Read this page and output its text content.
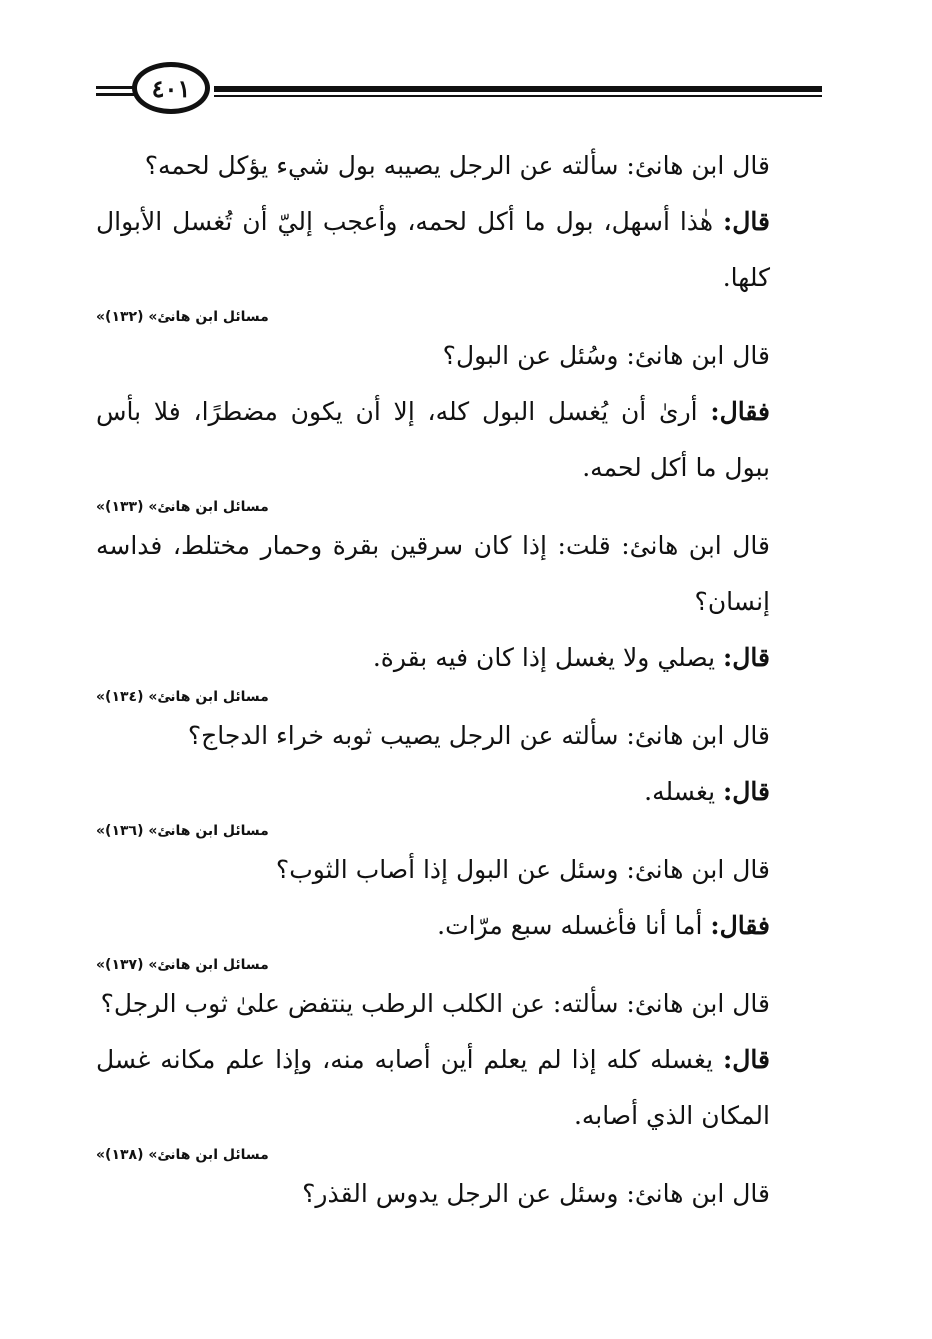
٤٠١

قال ابن هانئ: سألته عن الرجل يصيبه بول شيء يؤكل لحمه؟

قال: هٰذا أسهل، بول ما أكل لحمه، وأعجب إليّ أن تُغسل الأبوال كلها.

«مسائل ابن هانئ» (١٣٢)

قال ابن هانئ: وسُئل عن البول؟

فقال: أرىٰ أن يُغسل البول كله، إلا أن يكون مضطرًا، فلا بأس ببول ما أكل لحمه.

«مسائل ابن هانئ» (١٣٣)

قال ابن هانئ: قلت: إذا كان سرقين بقرة وحمار مختلط، فداسه إنسان؟

قال: يصلي ولا يغسل إذا كان فيه بقرة.

«مسائل ابن هانئ» (١٣٤)

قال ابن هانئ: سألته عن الرجل يصيب ثوبه خراء الدجاج؟

قال: يغسله.

«مسائل ابن هانئ» (١٣٦)

قال ابن هانئ: وسئل عن البول إذا أصاب الثوب؟

فقال: أما أنا فأغسله سبع مرّات.

«مسائل ابن هانئ» (١٣٧)

قال ابن هانئ: سألته: عن الكلب الرطب ينتفض علىٰ ثوب الرجل؟

قال: يغسله كله إذا لم يعلم أين أصابه منه، وإذا علم مكانه غسل المكان الذي أصابه.

«مسائل ابن هانئ» (١٣٨)

قال ابن هانئ: وسئل عن الرجل يدوس القذر؟
